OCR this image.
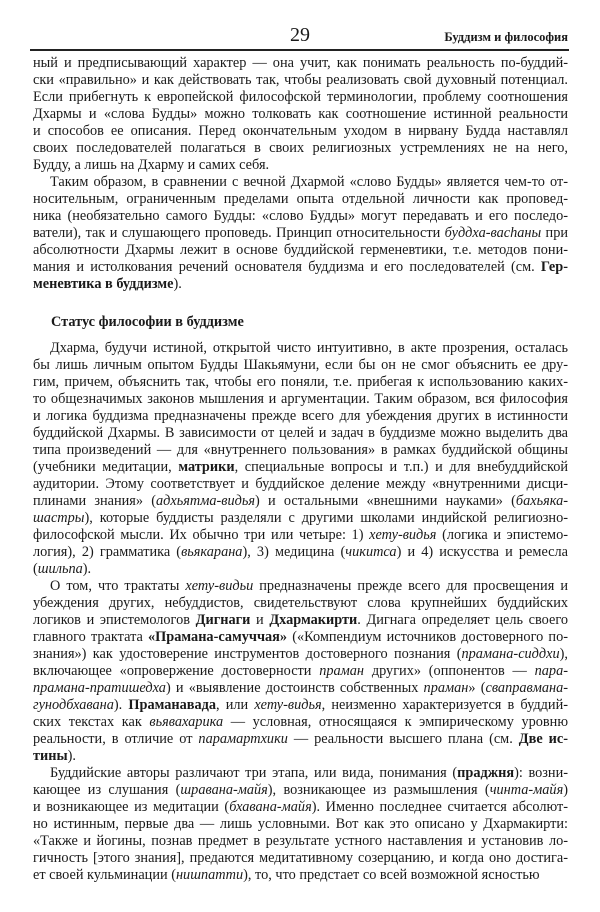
29	Буддизм и философия
ный и предписывающий характер — она учит, как понимать реальность по-буддий-
ски «правильно» и как действовать так, чтобы реализовать свой духовный потенциал.
Если прибегнуть к европейской философской терминологии, проблему соотношения
Дхармы и «слова Будды» можно толковать как соотношение истинной реальности
и способов ее описания. Перед окончательным уходом в нирвану Будда наставлял
своих последователей полагаться в своих религиозных устремлениях не на него,
Будду, а лишь на Дхарму и самих себя.
Таким образом, в сравнении с вечной Дхармой «слово Будды» является чем-то от-
носительным, ограниченным пределами опыта отдельной личности как проповед-
ника (необязательно самого Будды: «слово Будды» могут передавать и его последо-
ватели), так и слушающего проповедь. Принцип относительности буддха-ваchаны при
абсолютности Дхармы лежит в основе буддийской герменевтики, т.е. методов пони-
мания и истолкования речений основателя буддизма и его последователей (см. Гер-
меневтика в буддизме).
Статус философии в буддизме
Дхарма, будучи истиной, открытой чисто интуитивно, в акте прозрения, осталась
бы лишь личным опытом Будды Шакьямуни, если бы он не смог объяснить ее дру-
гим, причем, объяснить так, чтобы его поняли, т.е. прибегая к использованию каких-
то общезначимых законов мышления и аргументации. Таким образом, вся философия
и логика буддизма предназначены прежде всего для убеждения других в истинности
буддийской Дхармы. В зависимости от целей и задач в буддизме можно выделить два
типа произведений — для «внутреннего пользования» в рамках буддийской общины
(учебники медитации, матрики, специальные вопросы и т.п.) и для внебуддийской
аудитории. Этому соответствует и буддийское деление между «внутренними дисци-
плинами знания» (адхьятма-видья) и остальными «внешними науками» (бахьяка-
шастры), которые буддисты разделяли с другими школами индийской религиозно-
философской мысли. Их обычно три или четыре: 1) хету-видья (логика и эпистемо-
логия), 2) грамматика (вьякарана), 3) медицина (чикитса) и 4) искусства и ремесла
(шильпа).
О том, что трактаты хету-видьи предназначены прежде всего для просвещения и
убеждения других, небуддистов, свидетельствуют слова крупнейших буддийских
логиков и эпистемологов Дигнаги и Дхармакирти. Дигнага определяет цель своего
главного трактата «Прамана-самуччая» («Компендиум источников достоверного по-
знания») как удостоверение инструментов достоверного познания (прамана-сиддхи),
включающее «опровержение достоверности праман других» (оппонентов — пара-
прамана-пратишедха) и «выявление достоинств собственных праман» (сваправмана-
гунодбхавана). Праманавада, или хету-видья, неизменно характеризуется в буддий-
ских текстах как вьявахарика — условная, относящаяся к эмпирическому уровню
реальности, в отличие от парамартхики — реальности высшего плана (см. Две ис-
тины).
Буддийские авторы различают три этапа, или вида, понимания (праджня): возни-
кающее из слушания (шравана-майя), возникающее из размышления (чинта-майя)
и возникающее из медитации (бхавана-майя). Именно последнее считается абсолют-
но истинным, первые два — лишь условными. Вот как это описано у Дхармакирти:
«Также и йогины, познав предмет в результате устного наставления и установив ло-
гичность [этого знания], предаются медитативному созерцанию, и когда оно достига-
ет своей кульминации (нишпатти), то, что предстает со всей возможной ясностью
